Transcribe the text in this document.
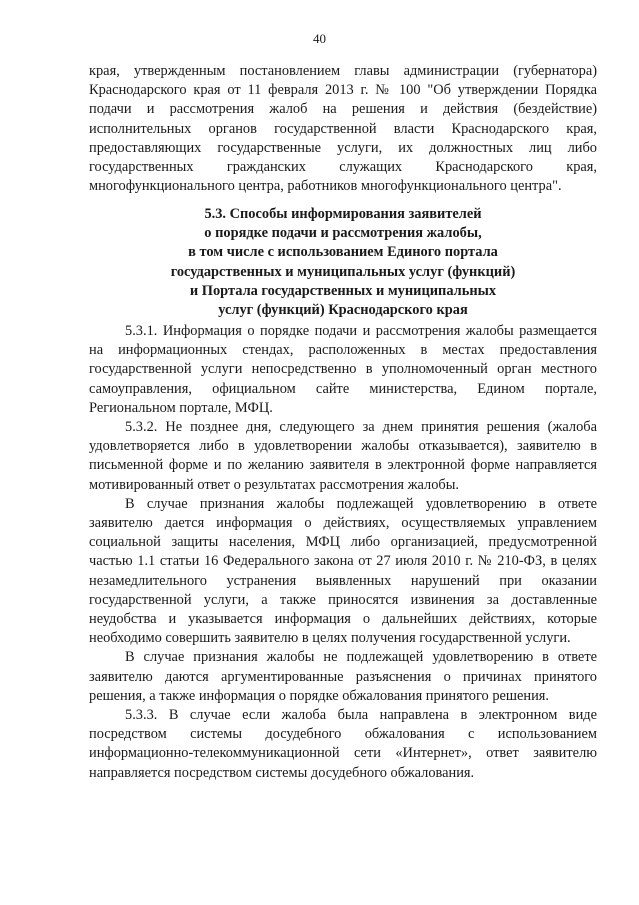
40

края, утвержденным постановлением главы администрации (губернатора) Краснодарского края от 11 февраля 2013 г. № 100 "Об утверждении Порядка подачи и рассмотрения жалоб на решения и действия (бездействие) исполнительных органов государственной власти Краснодарского края, предоставляющих государственные услуги, их должностных лиц либо государственных гражданских служащих Краснодарского края, многофункционального центра, работников многофункционального центра".

5.3. Способы информирования заявителей
о порядке подачи и рассмотрения жалобы,
в том числе с использованием Единого портала
государственных и муниципальных услуг (функций)
и Портала государственных и муниципальных
услуг (функций) Краснодарского края

5.3.1. Информация о порядке подачи и рассмотрения жалобы размещается на информационных стендах, расположенных в местах предоставления государственной услуги непосредственно в уполномоченный орган местного самоуправления, официальном сайте министерства, Едином портале, Региональном портале, МФЦ.

5.3.2. Не позднее дня, следующего за днем принятия решения (жалоба удовлетворяется либо в удовлетворении жалобы отказывается), заявителю в письменной форме и по желанию заявителя в электронной форме направляется мотивированный ответ о результатах рассмотрения жалобы.

В случае признания жалобы подлежащей удовлетворению в ответе заявителю дается информация о действиях, осуществляемых управлением социальной защиты населения, МФЦ либо организацией, предусмотренной частью 1.1 статьи 16 Федерального закона от 27 июля 2010 г. № 210-ФЗ, в целях незамедлительного устранения выявленных нарушений при оказании государственной услуги, а также приносятся извинения за доставленные неудобства и указывается информация о дальнейших действиях, которые необходимо совершить заявителю в целях получения государственной услуги.

В случае признания жалобы не подлежащей удовлетворению в ответе заявителю даются аргументированные разъяснения о причинах принятого решения, а также информация о порядке обжалования принятого решения.

5.3.3. В случае если жалоба была направлена в электронном виде посредством системы досудебного обжалования с использованием информационно-телекоммуникационной сети «Интернет», ответ заявителю направляется посредством системы досудебного обжалования.
